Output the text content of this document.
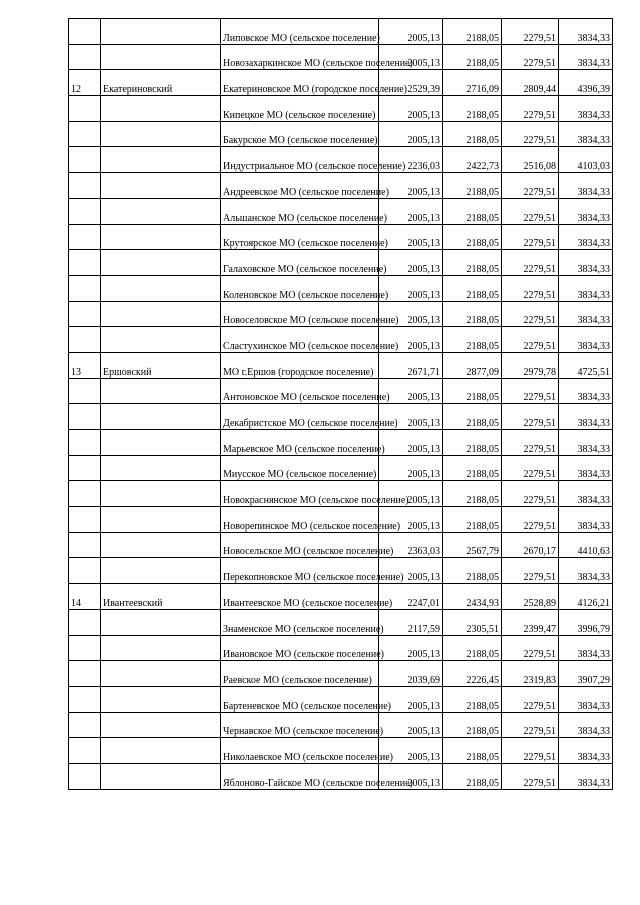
		Липовское МО (сельское поселение)	2005,13	2188,05	2279,51	3834,33
		Новозахаркинское МО (сельское поселение)	2005,13	2188,05	2279,51	3834,33
12	Екатериновский	Екатериновское МО (городское поселение)	2529,39	2716,09	2809,44	4396,39
		Кипецкое МО (сельское поселение)	2005,13	2188,05	2279,51	3834,33
		Бакурское МО (сельское поселение)	2005,13	2188,05	2279,51	3834,33
		Индустриальное МО (сельское поселение)	2236,03	2422,73	2516,08	4103,03
		Андреевское МО (сельское поселение)	2005,13	2188,05	2279,51	3834,33
		Альшанское МО (сельское поселение)	2005,13	2188,05	2279,51	3834,33
		Крутоярское МО (сельское поселение)	2005,13	2188,05	2279,51	3834,33
		Галаховское МО (сельское поселение)	2005,13	2188,05	2279,51	3834,33
		Коленовское МО (сельское поселение)	2005,13	2188,05	2279,51	3834,33
		Новоселовское МО (сельское поселение)	2005,13	2188,05	2279,51	3834,33
		Сластухинское МО (сельское поселение)	2005,13	2188,05	2279,51	3834,33
13	Ершовский	МО г.Ершов (городское поселение)	2671,71	2877,09	2979,78	4725,51
		Антоновское МО (сельское поселение)	2005,13	2188,05	2279,51	3834,33
		Декабристское МО (сельское поселение)	2005,13	2188,05	2279,51	3834,33
		Марьевское МО (сельское поселение)	2005,13	2188,05	2279,51	3834,33
		Миусское МО (сельское поселение)	2005,13	2188,05	2279,51	3834,33
		Новокраснянское МО (сельское поселение)	2005,13	2188,05	2279,51	3834,33
		Новорепинское МО (сельское поселение)	2005,13	2188,05	2279,51	3834,33
		Новосельское МО (сельское поселение)	2363,03	2567,79	2670,17	4410,63
		Перекопновское МО (сельское поселение)	2005,13	2188,05	2279,51	3834,33
14	Ивантеевский	Ивантеевское МО (сельское поселение)	2247,01	2434,93	2528,89	4126,21
		Знаменское МО (сельское поселение)	2117,59	2305,51	2399,47	3996,79
		Ивановское МО (сельское поселение)	2005,13	2188,05	2279,51	3834,33
		Раевское МО (сельское поселение)	2039,69	2226,45	2319,83	3907,29
		Бартеневское МО (сельское поселение)	2005,13	2188,05	2279,51	3834,33
		Чернавское МО (сельское поселение)	2005,13	2188,05	2279,51	3834,33
		Николаевское МО (сельское поселение)	2005,13	2188,05	2279,51	3834,33
		Яблоново-Гайское МО (сельское поселение)	2005,13	2188,05	2279,51	3834,33
